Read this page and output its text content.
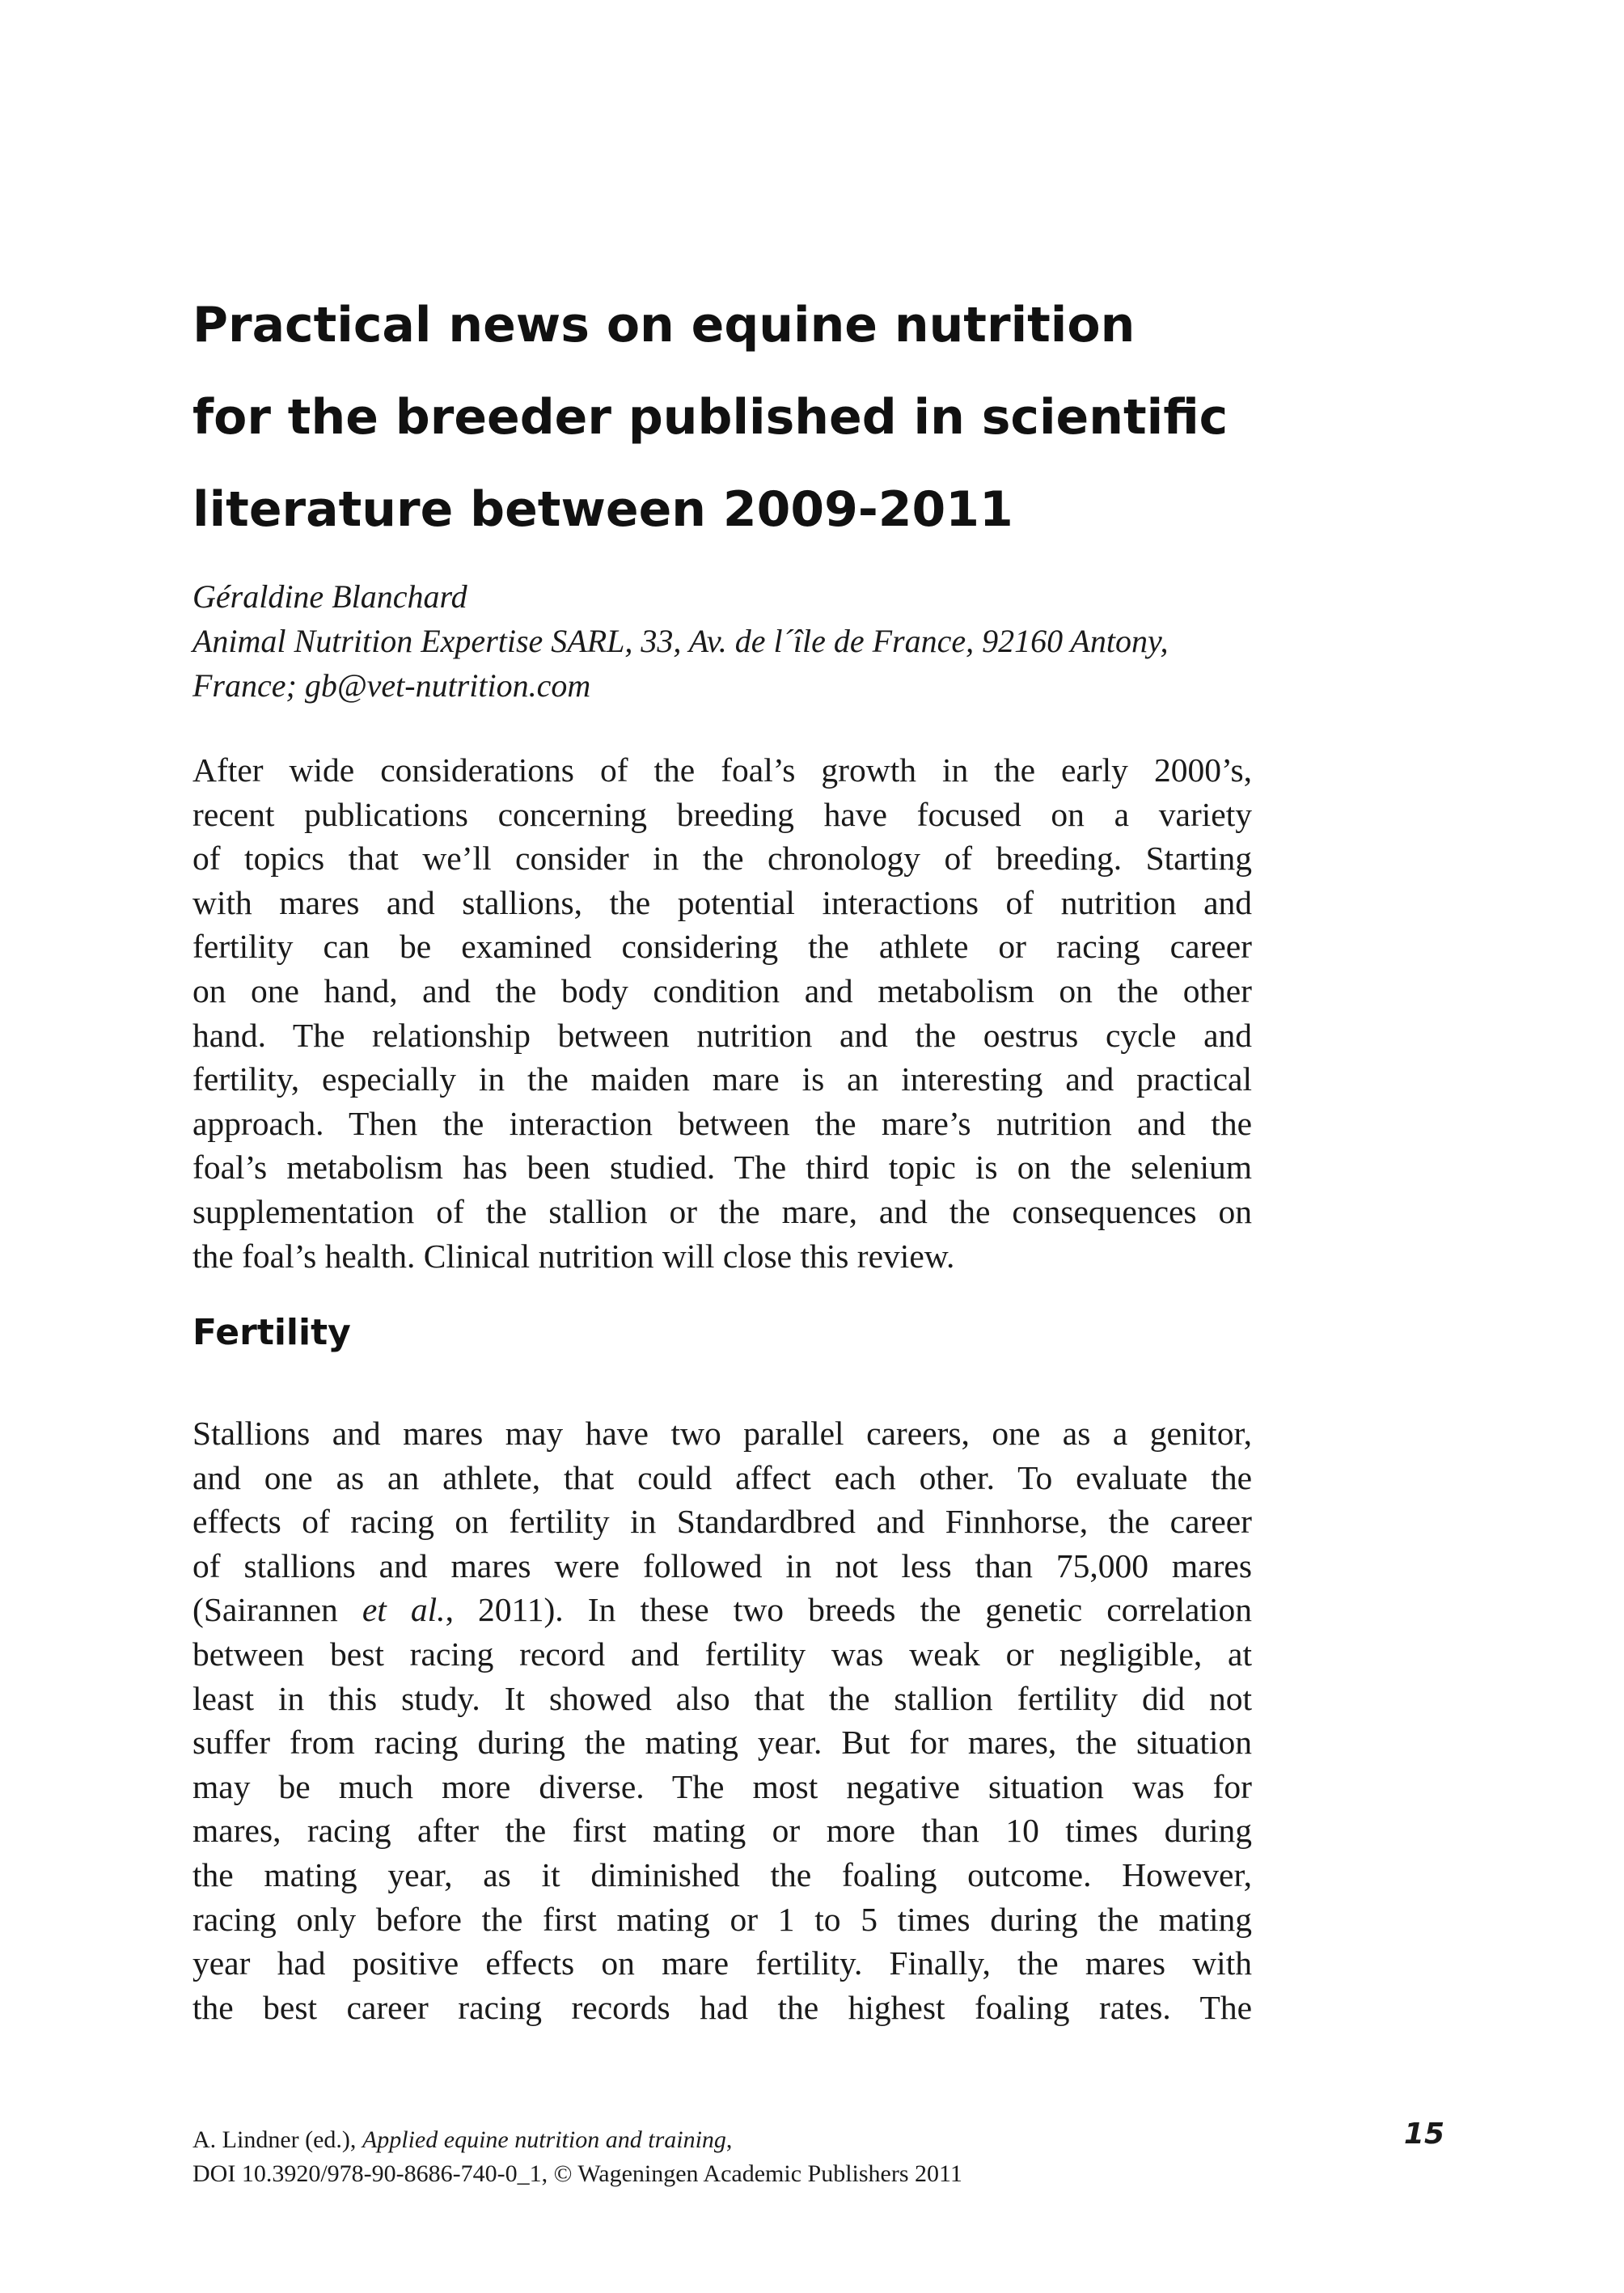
Practical news on equine nutrition
for the breeder published in scientific
literature between 2009-2011
Géraldine Blanchard
Animal Nutrition Expertise SARL, 33, Av. de l´île de France, 92160 Antony,
France; gb@vet-nutrition.com

After wide considerations of the foal’s growth in the early 2000’s,
recent publications concerning breeding have focused on a variety
of topics that we’ll consider in the chronology of breeding. Starting
with mares and stallions, the potential interactions of nutrition and
fertility can be examined considering the athlete or racing career
on one hand, and the body condition and metabolism on the other
hand. The relationship between nutrition and the oestrus cycle and
fertility, especially in the maiden mare is an interesting and practical
approach. Then the interaction between the mare’s nutrition and the
foal’s metabolism has been studied. The third topic is on the selenium
supplementation of the stallion or the mare, and the consequences on
the foal’s health. Clinical nutrition will close this review.

Fertility

Stallions and mares may have two parallel careers, one as a genitor,
and one as an athlete, that could affect each other. To evaluate the
effects of racing on fertility in Standardbred and Finnhorse, the career
of stallions and mares were followed in not less than 75,000 mares
(Sairannen et al., 2011). In these two breeds the genetic correlation
between best racing record and fertility was weak or negligible, at
least in this study. It showed also that the stallion fertility did not
suffer from racing during the mating year. But for mares, the situation
may be much more diverse. The most negative situation was for
mares, racing after the first mating or more than 10 times during
the mating year, as it diminished the foaling outcome. However,
racing only before the first mating or 1 to 5 times during the mating
year had positive effects on mare fertility. Finally, the mares with
the best career racing records had the highest foaling rates. The

A. Lindner (ed.), Applied equine nutrition and training,
DOI 10.3920/978-90-8686-740-0_1, © Wageningen Academic Publishers 2011
15
